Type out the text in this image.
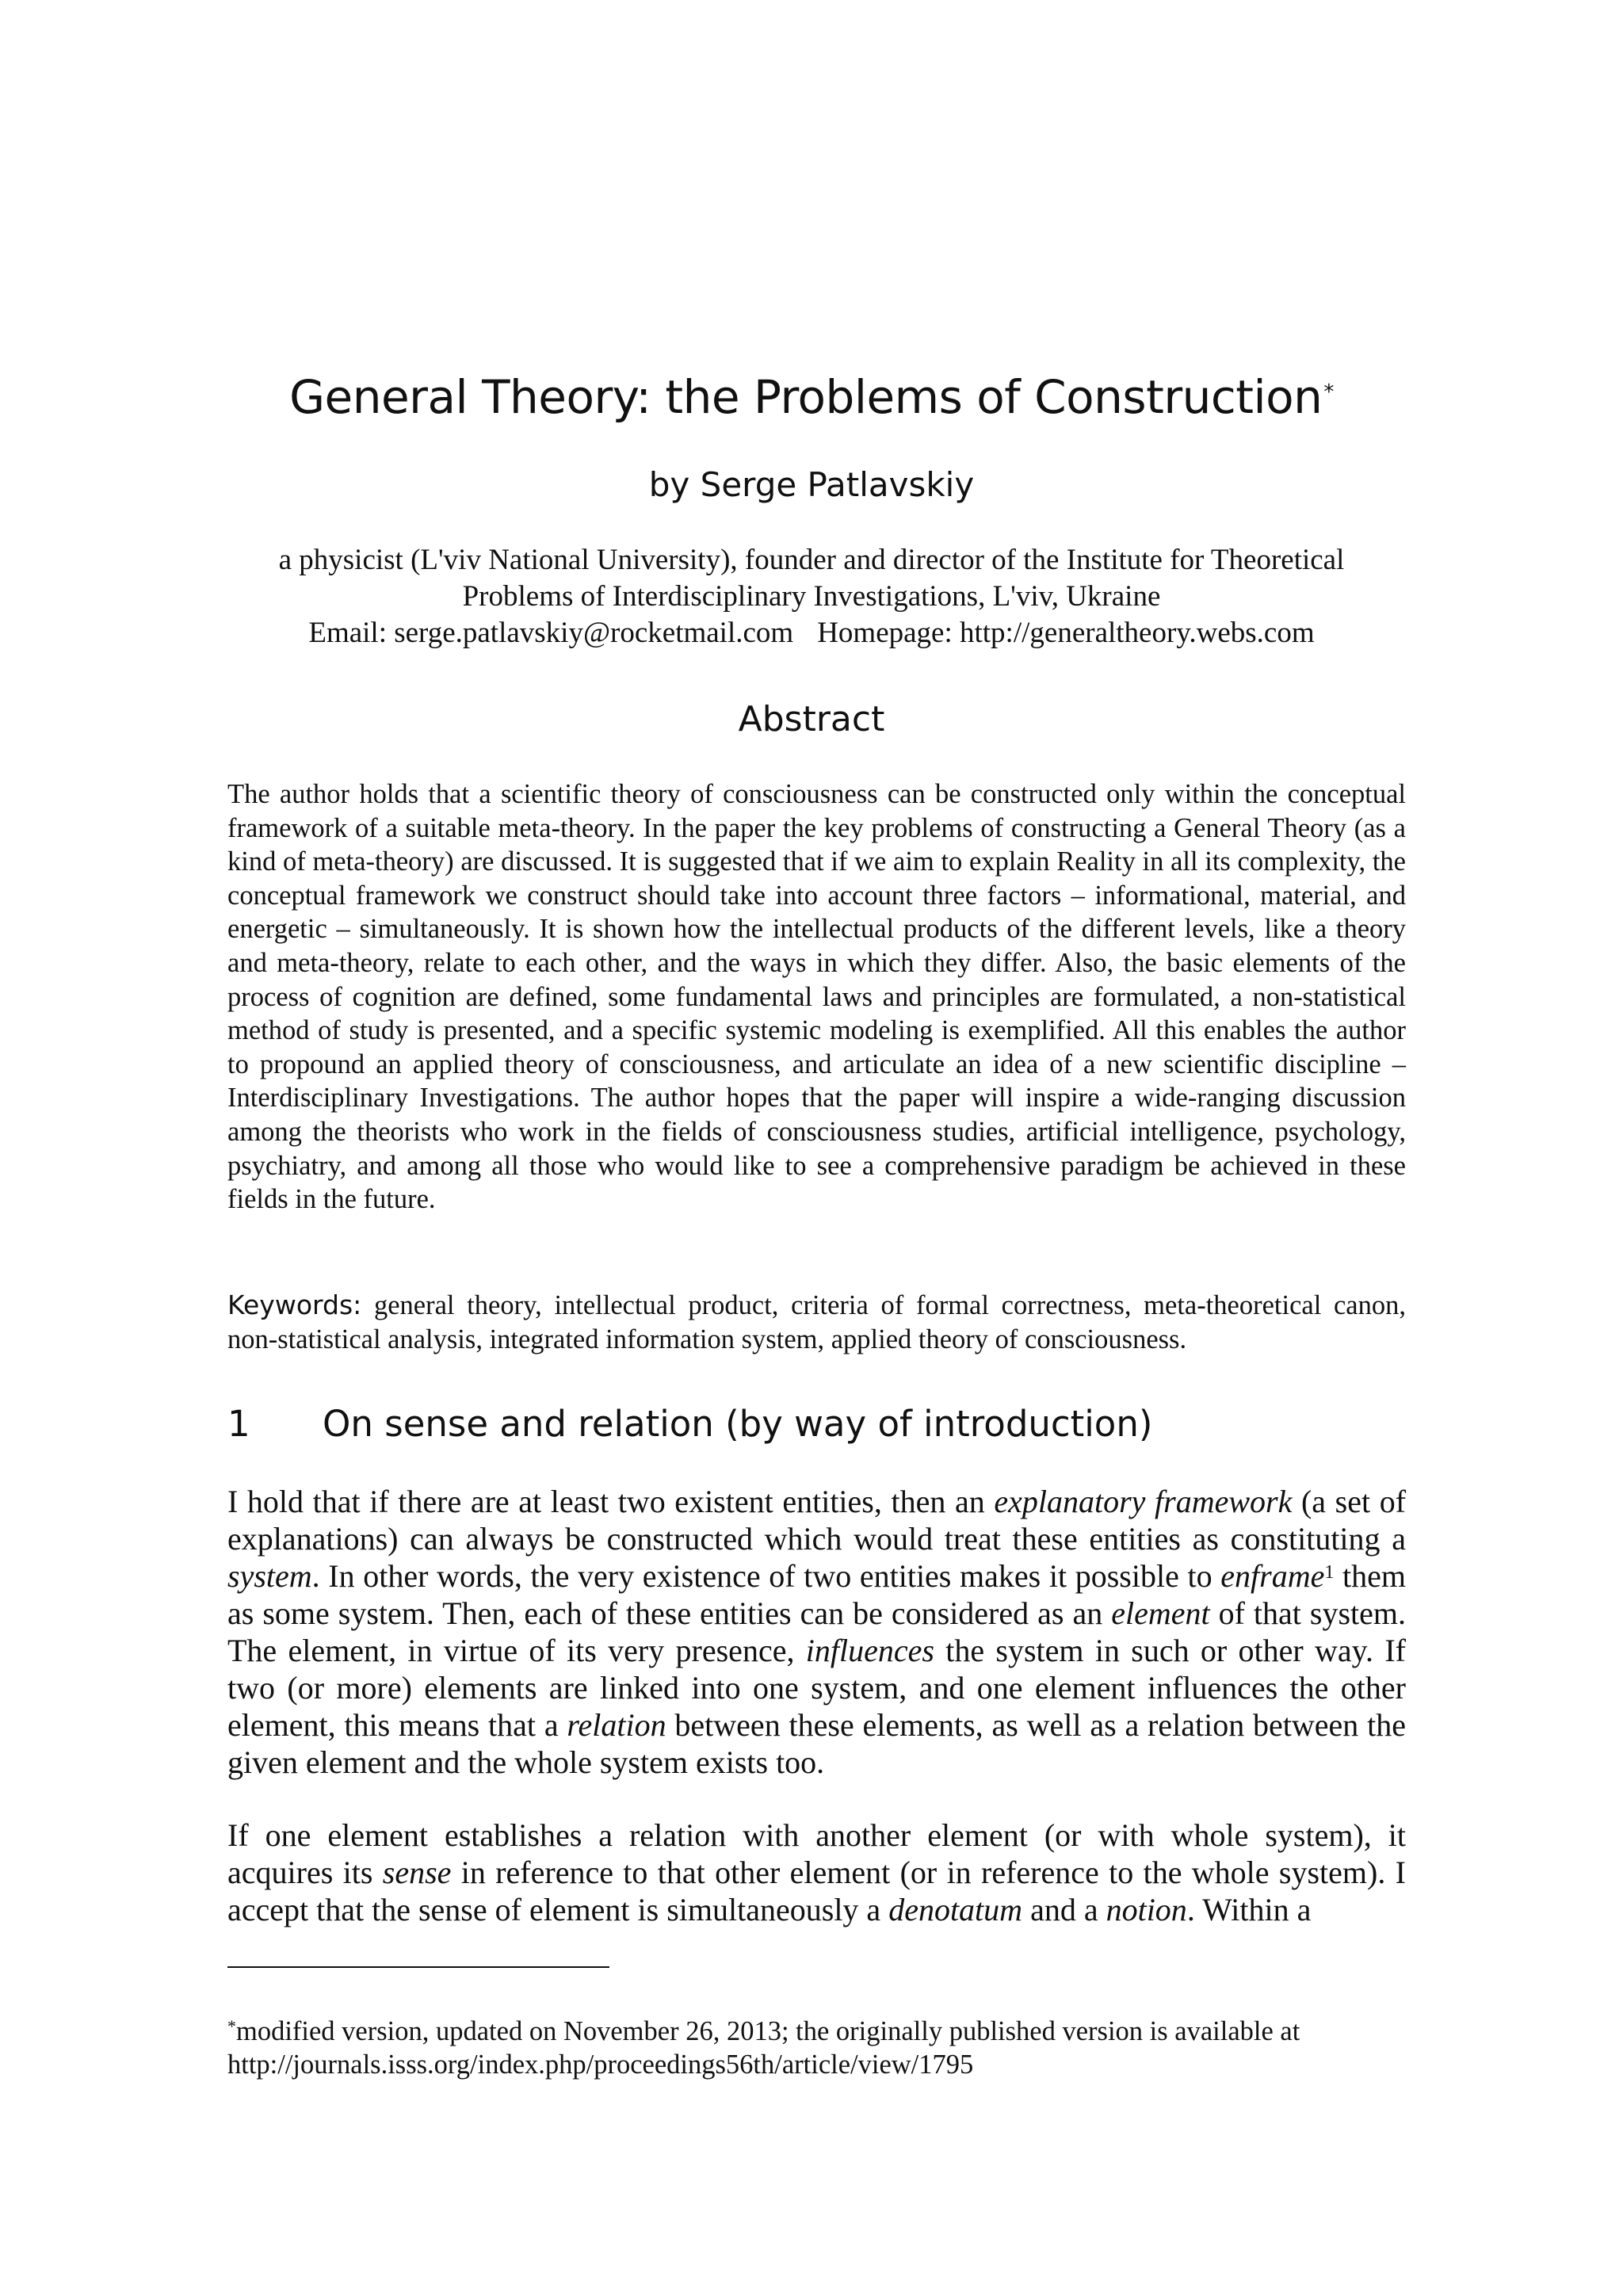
General Theory: the Problems of Construction*

by Serge Patlavskiy

a physicist (L'viv National University), founder and director of the Institute for Theoretical
Problems of Interdisciplinary Investigations, L'viv, Ukraine
Email: serge.patlavskiy@rocketmail.com Homepage: http://generaltheory.webs.com

Abstract

The author holds that a scientific theory of consciousness can be constructed only within the conceptual framework of a suitable meta-theory. In the paper the key problems of constructing a General Theory (as a kind of meta-theory) are discussed. It is suggested that if we aim to explain Reality in all its complexity, the conceptual framework we construct should take into account three factors – informational, material, and energetic – simultaneously. It is shown how the intellectual products of the different levels, like a theory and meta-theory, relate to each other, and the ways in which they differ. Also, the basic elements of the process of cognition are defined, some fundamental laws and principles are formulated, a non-statistical method of study is presented, and a specific systemic modeling is exemplified. All this enables the author to propound an applied theory of consciousness, and articulate an idea of a new scientific discipline – Interdisciplinary Investigations. The author hopes that the paper will inspire a wide-ranging discussion among the theorists who work in the fields of consciousness studies, artificial intelligence, psychology, psychiatry, and among all those who would like to see a comprehensive paradigm be achieved in these fields in the future.

Keywords: general theory, intellectual product, criteria of formal correctness, meta-theoretical canon, non-statistical analysis, integrated information system, applied theory of consciousness.

1 On sense and relation (by way of introduction)

I hold that if there are at least two existent entities, then an explanatory framework (a set of explanations) can always be constructed which would treat these entities as constituting a system. In other words, the very existence of two entities makes it possible to enframe$^1$ them as some system. Then, each of these entities can be considered as an element of that system. The element, in virtue of its very presence, influences the system in such or other way. If two (or more) elements are linked into one system, and one element influences the other element, this means that a relation between these elements, as well as a relation between the given element and the whole system exists too.

If one element establishes a relation with another element (or with whole system), it acquires its sense in reference to that other element (or in reference to the whole system). I accept that the sense of element is simultaneously a denotatum and a notion. Within a

*modified version, updated on November 26, 2013; the originally published version is available at
http://journals.isss.org/index.php/proceedings56th/article/view/1795
